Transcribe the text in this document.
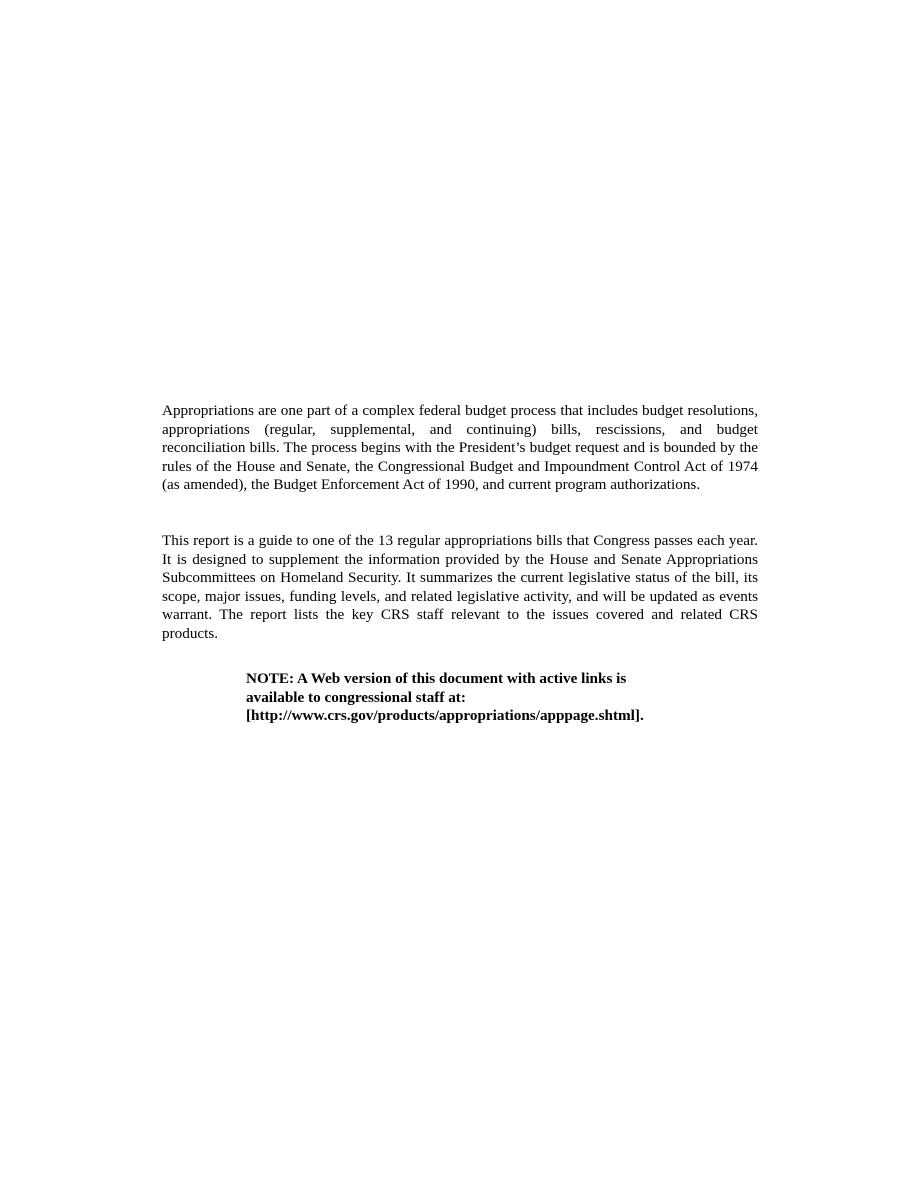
Appropriations are one part of a complex federal budget process that includes budget resolutions, appropriations (regular, supplemental, and continuing) bills, rescissions, and budget reconciliation bills. The process begins with the President’s budget request and is bounded by the rules of the House and Senate, the Congressional Budget and Impoundment Control Act of 1974 (as amended), the Budget Enforcement Act of 1990, and current program authorizations.

This report is a guide to one of the 13 regular appropriations bills that Congress passes each year. It is designed to supplement the information provided by the House and Senate Appropriations Subcommittees on Homeland Security. It summarizes the current legislative status of the bill, its scope, major issues, funding levels, and related legislative activity, and will be updated as events warrant. The report lists the key CRS staff relevant to the issues covered and related CRS products.

NOTE: A Web version of this document with active links is
available to congressional staff at:
[http://www.crs.gov/products/appropriations/apppage.shtml].
